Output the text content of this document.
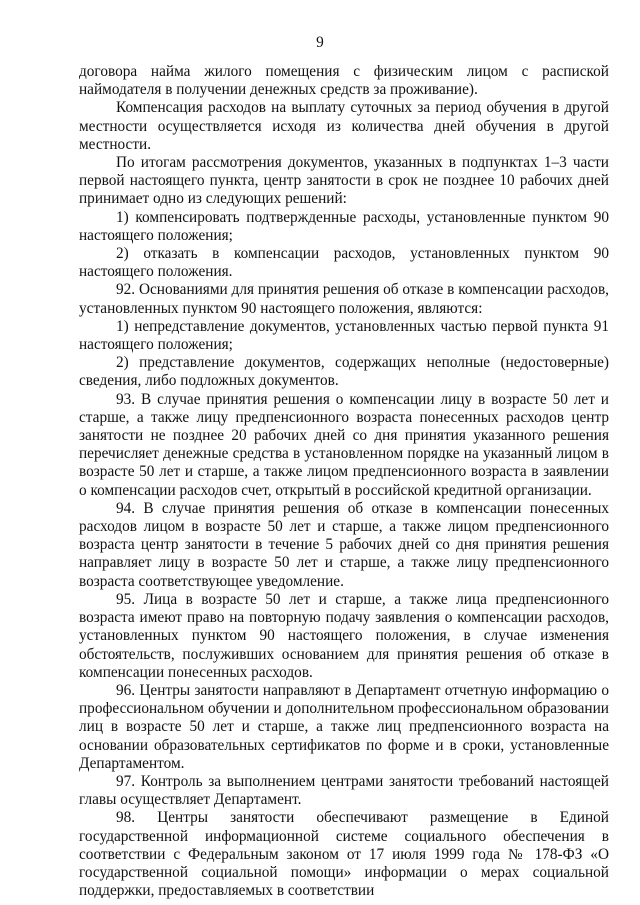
9

договора найма жилого помещения с физическим лицом с распиской наймодателя в получении денежных средств за проживание).

Компенсация расходов на выплату суточных за период обучения в другой местности осуществляется исходя из количества дней обучения в другой местности.

По итогам рассмотрения документов, указанных в подпунктах 1–3 части первой настоящего пункта, центр занятости в срок не позднее 10 рабочих дней принимает одно из следующих решений:

1) компенсировать подтвержденные расходы, установленные пунктом 90 настоящего положения;

2) отказать в компенсации расходов, установленных пунктом 90 настоящего положения.

92. Основаниями для принятия решения об отказе в компенсации расходов, установленных пунктом 90 настоящего положения, являются:

1) непредставление документов, установленных частью первой пункта 91 настоящего положения;

2) представление документов, содержащих неполные (недостоверные) сведения, либо подложных документов.

93. В случае принятия решения о компенсации лицу в возрасте 50 лет и старше, а также лицу предпенсионного возраста понесенных расходов центр занятости не позднее 20 рабочих дней со дня принятия указанного решения перечисляет денежные средства в установленном порядке на указанный лицом в возрасте 50 лет и старше, а также лицом предпенсионного возраста в заявлении о компенсации расходов счет, открытый в российской кредитной организации.

94. В случае принятия решения об отказе в компенсации понесенных расходов лицом в возрасте 50 лет и старше, а также лицом предпенсионного возраста центр занятости в течение 5 рабочих дней со дня принятия решения направляет лицу в возрасте 50 лет и старше, а также лицу предпенсионного возраста соответствующее уведомление.

95. Лица в возрасте 50 лет и старше, а также лица предпенсионного возраста имеют право на повторную подачу заявления о компенсации расходов, установленных пунктом 90 настоящего положения, в случае изменения обстоятельств, послуживших основанием для принятия решения об отказе в компенсации понесенных расходов.

96. Центры занятости направляют в Департамент отчетную информацию о профессиональном обучении и дополнительном профессиональном образовании лиц в возрасте 50 лет и старше, а также лиц предпенсионного возраста на основании образовательных сертификатов по форме и в сроки, установленные Департаментом.

97. Контроль за выполнением центрами занятости требований настоящей главы осуществляет Департамент.

98. Центры занятости обеспечивают размещение в Единой государственной информационной системе социального обеспечения в соответствии с Федеральным законом от 17 июля 1999 года № 178-ФЗ «О государственной социальной помощи» информации о мерах социальной поддержки, предоставляемых в соответствии
